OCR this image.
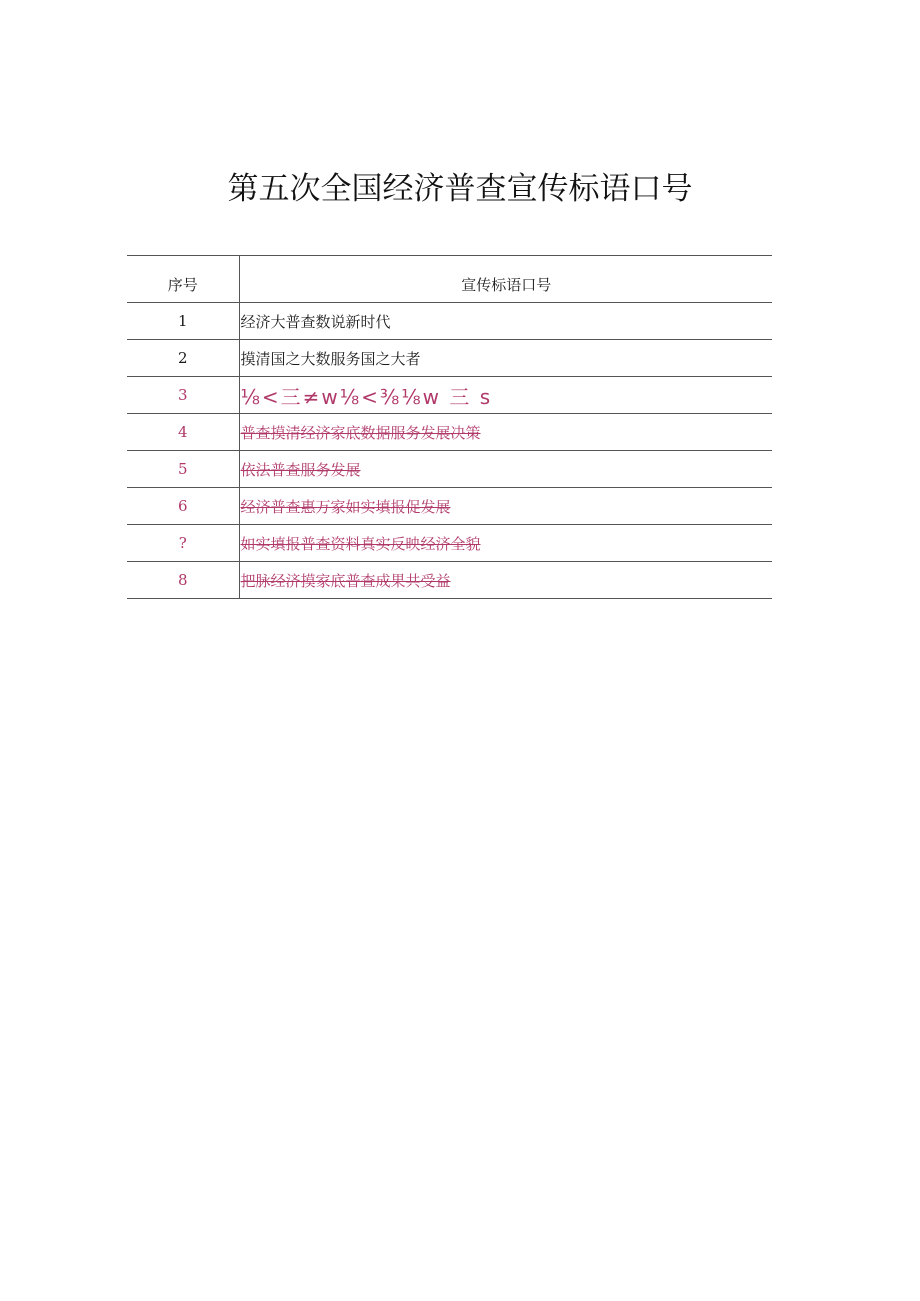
第五次全国经济普查宣传标语口号
序号	宣传标语口号
1	经济大普查数说新时代
2	摸清国之大数服务国之大者
3	⅛<三≠w⅛<⅜⅛w 三 s
4	普查摸清经济家底数据服务发展决策
5	依法普查服务发展
6	经济普查惠万家如实填报促发展
?	如实填报普查资料真实反映经济全貌
8	把脉经济摸家底普查成果共受益
